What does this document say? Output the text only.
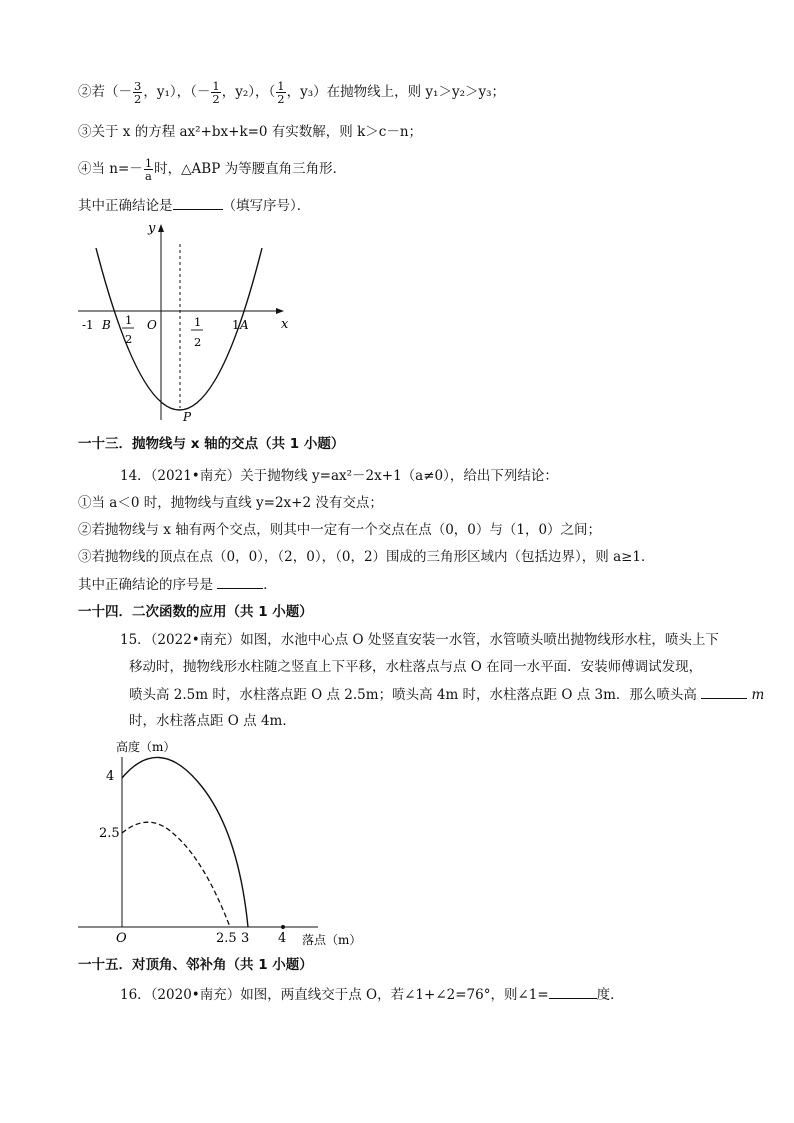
②若（－ $\frac{3}{2}$ ，y₁），（－ $\frac{1}{2}$ ，y₂），（ $\frac{1}{2}$ ，y₃）在抛物线上，则 y₁＞y₂＞y₃；
③关于 x 的方程 ax²+bx+k=0 有实数解，则 k＞c－n；
④当 $n=- \frac{1}{a}$ 时，△ABP 为等腰直角三角形．
其中正确结论是	（填写序号）．
y
x
-1 B	O	1 A
P
1
2
1
2
一十三．抛物线与 x 轴的交点（共 1 小题）
14．（2021•南充）关于抛物线 y=ax²－2x+1（a≠0），给出下列结论：
①当 a＜0 时，抛物线与直线 y=2x+2 没有交点；
②若抛物线与 x 轴有两个交点，则其中一定有一个交点在点（0，0）与（1，0）之间；
③若抛物线的顶点在点（0，0），（2，0），（0，2）围成的三角形区域内（包括边界），则 a≥1．
其中正确结论的序号是	．
一十四．二次函数的应用（共 1 小题）
15．（2022•南充）如图，水池中心点 O 处竖直安装一水管，水管喷头喷出抛物线形水柱，喷头上下
移动时，抛物线形水柱随之竖直上下平移，水柱落点与点 O 在同一水平面．安装师傅调试发现，
喷头高 2.5m 时，水柱落点距 O 点 2.5m；喷头高 4m 时，水柱落点距 O 点 3m．那么喷头高	m
时，水柱落点距 O 点 4m．
高度（m）
4
2.5
O	2.5 3 4 落点（m）
一十五．对顶角、邻补角（共 1 小题）
16．（2020•南充）如图，两直线交于点 O，若∠1+∠2=76°，则∠1=	度．
